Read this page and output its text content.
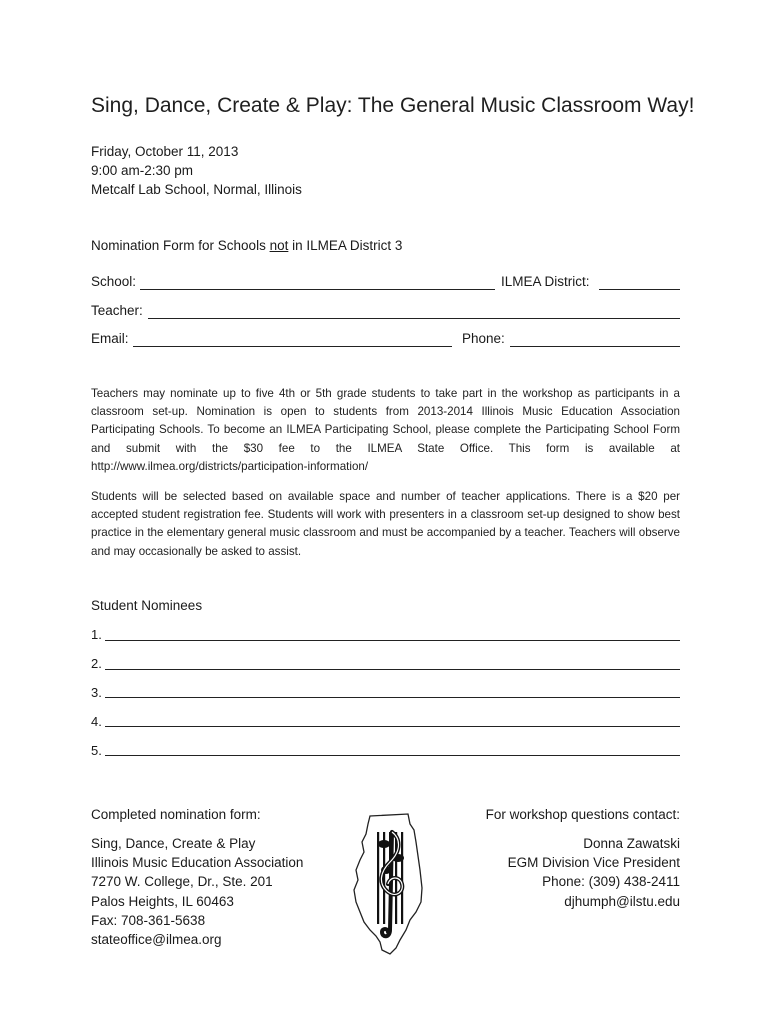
Sing, Dance, Create & Play: The General Music Classroom Way!
Friday, October 11, 2013
9:00 am-2:30 pm
Metcalf Lab School, Normal, Illinois
Nomination Form for Schools not in ILMEA District 3
School:	ILMEA District:
Teacher:
Email:	Phone:
Teachers may nominate up to five 4th or 5th grade students to take part in the workshop as participants in a classroom set-up. Nomination is open to students from 2013-2014 Illinois Music Education Association Participating Schools. To become an ILMEA Participating School, please complete the Participating School Form and submit with the $30 fee to the ILMEA State Office. This form is available at http://www.ilmea.org/districts/participation-information/
Students will be selected based on available space and number of teacher applications. There is a $20 per accepted student registration fee. Students will work with presenters in a classroom set-up designed to show best practice in the elementary general music classroom and must be accompanied by a teacher. Teachers will observe and may occasionally be asked to assist.
Student Nominees
1.
2.
3.
4.
5.
Completed nomination form:
Sing, Dance, Create & Play
Illinois Music Education Association
7270 W. College, Dr., Ste. 201
Palos Heights, IL 60463
Fax: 708-361-5638
stateoffice@ilmea.org
For workshop questions contact:
Donna Zawatski
EGM Division Vice President
Phone: (309) 438-2411
djhumph@ilstu.edu
